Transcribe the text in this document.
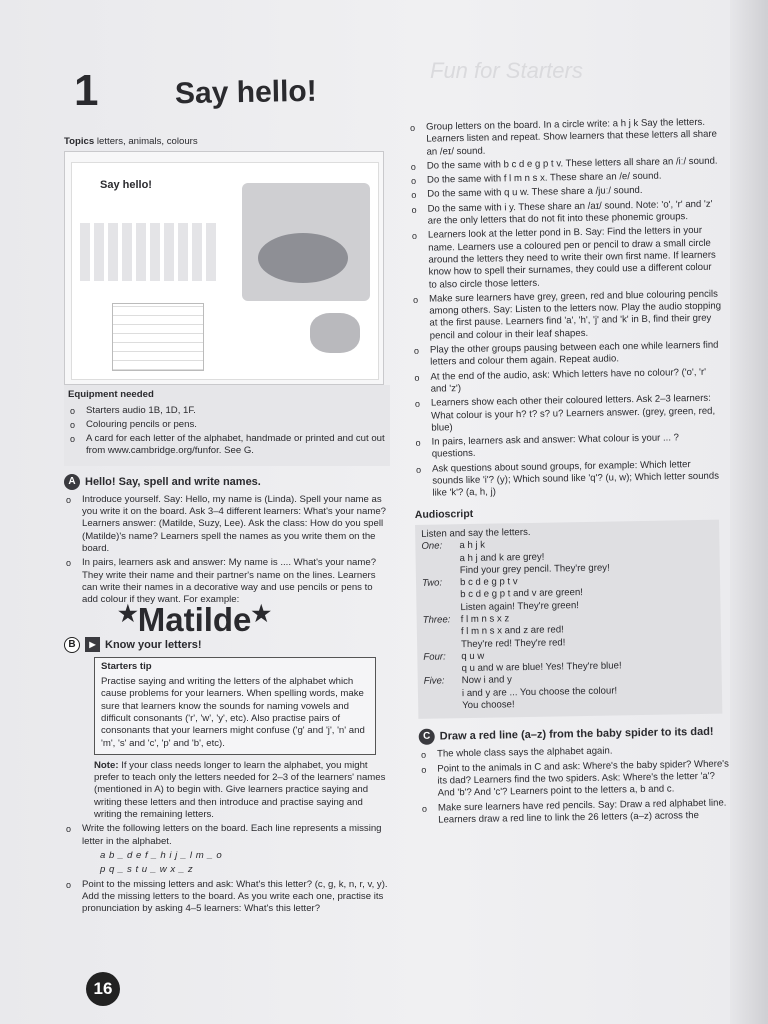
Fun for Starters
1	Say hello!
Topics letters, animals, colours
Say hello!
Equipment needed
o Starters audio 1B, 1D, 1F.
o Colouring pencils or pens.
o A card for each letter of the alphabet, handmade or printed and cut out from www.cambridge.org/funfor. See G.
A Hello! Say, spell and write names.
o Introduce yourself. Say: Hello, my name is (Linda). Spell your name as you write it on the board. Ask 3–4 different learners: What's your name? Learners answer: (Matilde, Suzy, Lee). Ask the class: How do you spell (Matilde)'s name? Learners spell the names as you write them on the board.
o In pairs, learners ask and answer: My name is .... What's your name? They write their name and their partner's name on the lines. Learners can write their names in a decorative way and use pencils or pens to add colour if they want. For example:
★Matilde★
B	▶ Know your letters!
Starters tip
Practise saying and writing the letters of the alphabet which cause problems for your learners. When spelling words, make sure that learners know the sounds for naming vowels and difficult consonants ('r', 'w', 'y', etc). Also practise pairs of consonants that your learners might confuse ('g' and 'j', 'n' and 'm', 's' and 'c', 'p' and 'b', etc).
Note: If your class needs longer to learn the alphabet, you might prefer to teach only the letters needed for 2–3 of the learners' names (mentioned in A) to begin with. Give learners practice saying and writing these letters and then introduce and practise saying and writing the remaining letters.
o Write the following letters on the board. Each line represents a missing letter in the alphabet.
a b _ d e f _ h i j _ l m _ o
p q _ s t u _ w x _ z
o Point to the missing letters and ask: What's this letter? (c, g, k, n, r, v, y). Add the missing letters to the board. As you write each one, practise its pronunciation by asking 4–5 learners: What's this letter?
o Group letters on the board. In a circle write: a h j k Say the letters. Learners listen and repeat. Show learners that these letters all share an /eɪ/ sound.
o Do the same with b c d e g p t v. These letters all share an /iː/ sound.
o Do the same with f l m n s x. These share an /e/ sound.
o Do the same with q u w. These share a /juː/ sound.
o Do the same with i y. These share an /aɪ/ sound. Note: 'o', 'r' and 'z' are the only letters that do not fit into these phonemic groups.
o Learners look at the letter pond in B. Say: Find the letters in your name. Learners use a coloured pen or pencil to draw a small circle around the letters they need to write their own first name. If learners know how to spell their surnames, they could use a different colour to also circle those letters.
o Make sure learners have grey, green, red and blue colouring pencils among others. Say: Listen to the letters now. Play the audio stopping at the first pause. Learners find 'a', 'h', 'j' and 'k' in B, find their grey pencil and colour in their leaf shapes.
o Play the other groups pausing between each one while learners find letters and colour them again. Repeat audio.
o At the end of the audio, ask: Which letters have no colour? ('o', 'r' and 'z')
o Learners show each other their coloured letters. Ask 2–3 learners: What colour is your h? t? s? u? Learners answer. (grey, green, red, blue)
o In pairs, learners ask and answer: What colour is your ... ? questions.
o Ask questions about sound groups, for example: Which letter sounds like 'i'? (y); Which sound like 'q'? (u, w); Which letter sounds like 'k'? (a, h, j)
Audioscript
Listen and say the letters.
One:	a h j k
a h j and k are grey!
Find your grey pencil. They're grey!
Two:	b c d e g p t v
b c d e g p t and v are green!
Listen again! They're green!
Three:	f l m n s x z
f l m n s x and z are red!
They're red! They're red!
Four:	q u w
q u and w are blue! Yes! They're blue!
Five:	Now i and y
i and y are ... You choose the colour!
You choose!
C Draw a red line (a–z) from the baby spider to its dad!
o The whole class says the alphabet again.
o Point to the animals in C and ask: Where's the baby spider? Where's its dad? Learners find the two spiders. Ask: Where's the letter 'a'? And 'b'? And 'c'? Learners point to the letters a, b and c.
o Make sure learners have red pencils. Say: Draw a red alphabet line. Learners draw a red line to link the 26 letters (a–z) across the
16
